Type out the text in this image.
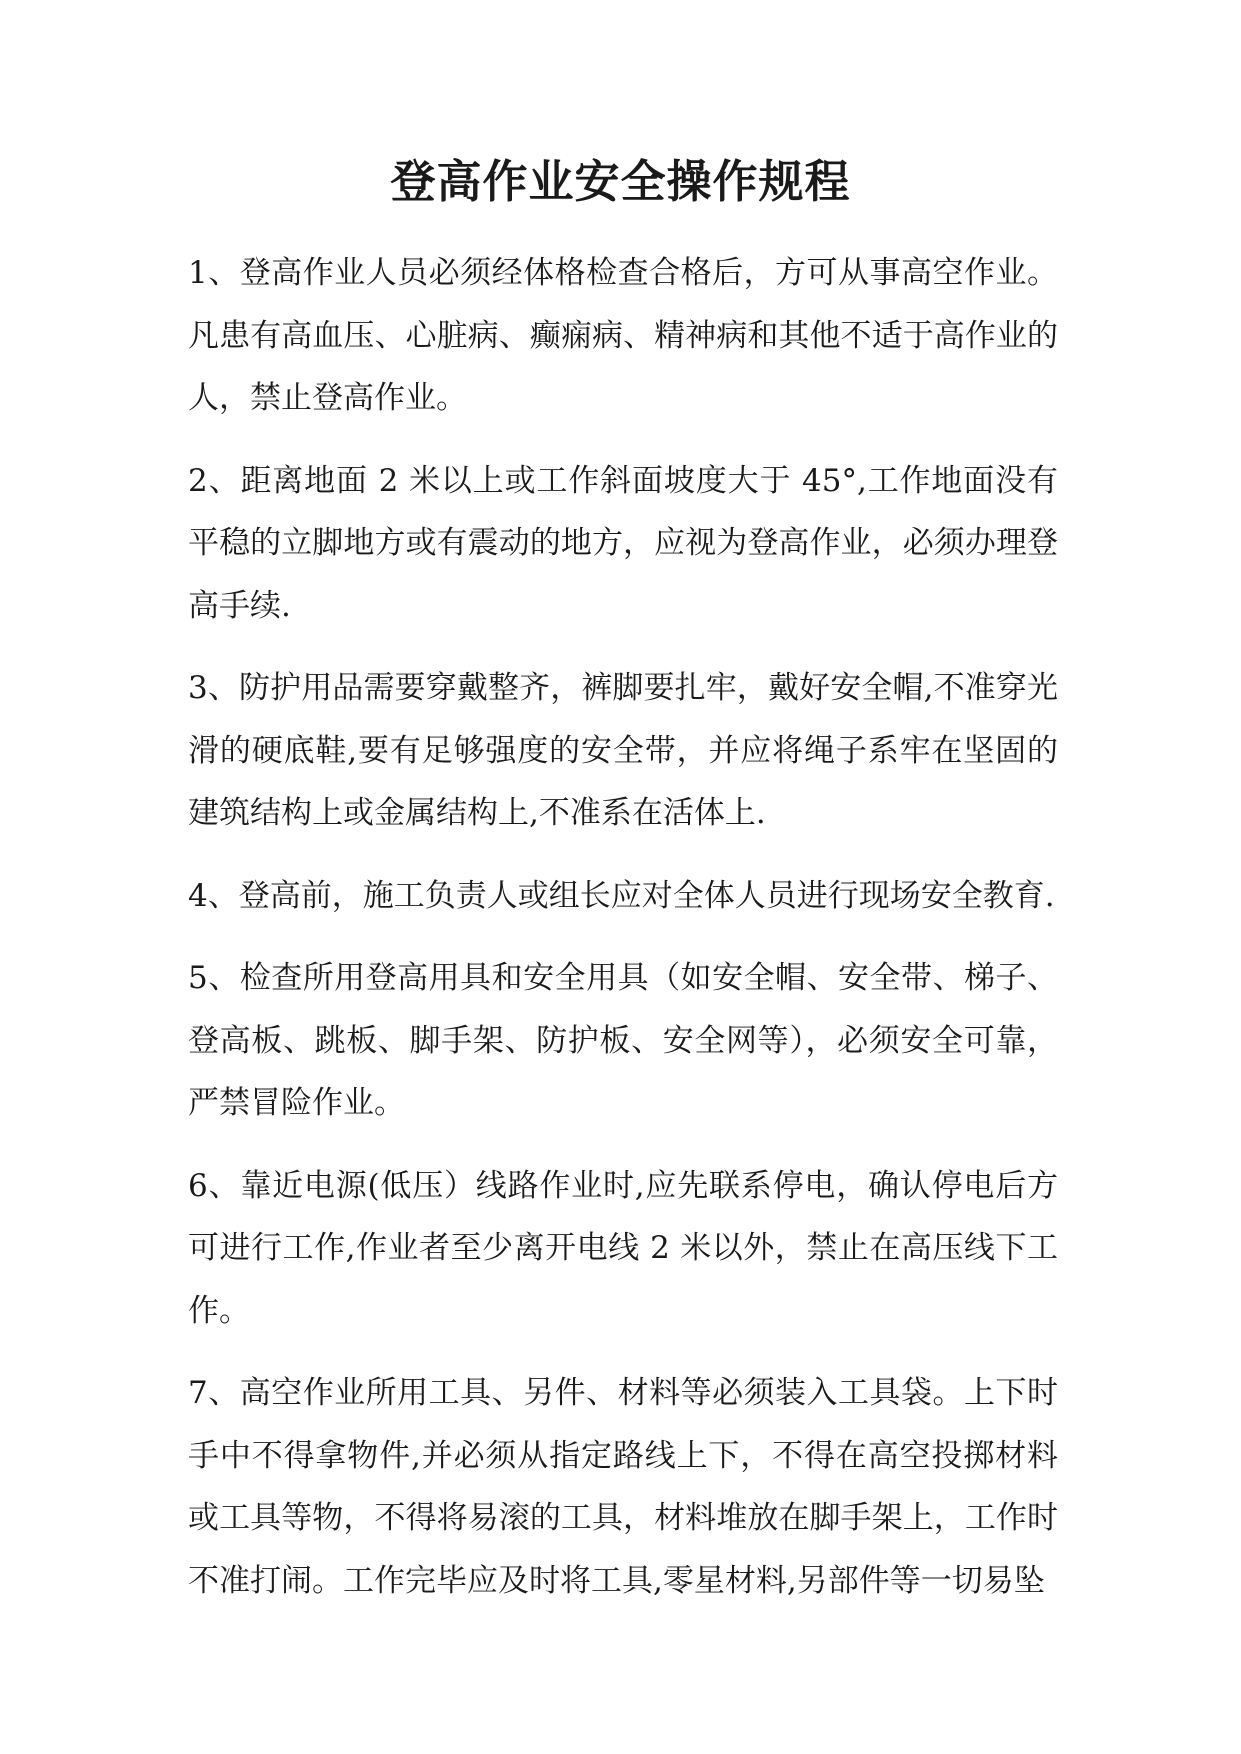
登高作业安全操作规程

1、登高作业人员必须经体格检查合格后，方可从事高空作业。凡患有高血压、心脏病、癫痫病、精神病和其他不适于高作业的人，禁止登高作业。

2、距离地面 2 米以上或工作斜面坡度大于 45°,工作地面没有平稳的立脚地方或有震动的地方，应视为登高作业，必须办理登高手续.

3、防护用品需要穿戴整齐，裤脚要扎牢，戴好安全帽,不准穿光滑的硬底鞋,要有足够强度的安全带，并应将绳子系牢在坚固的建筑结构上或金属结构上,不准系在活体上.

4、登高前，施工负责人或组长应对全体人员进行现场安全教育.

5、检查所用登高用具和安全用具（如安全帽、安全带、梯子、登高板、跳板、脚手架、防护板、安全网等），必须安全可靠，严禁冒险作业。

6、靠近电源(低压）线路作业时,应先联系停电，确认停电后方可进行工作,作业者至少离开电线 2 米以外，禁止在高压线下工作。

7、高空作业所用工具、另件、材料等必须装入工具袋。上下时手中不得拿物件,并必须从指定路线上下，不得在高空投掷材料或工具等物，不得将易滚的工具，材料堆放在脚手架上，工作时不准打闹。工作完毕应及时将工具,零星材料,另部件等一切易坠
